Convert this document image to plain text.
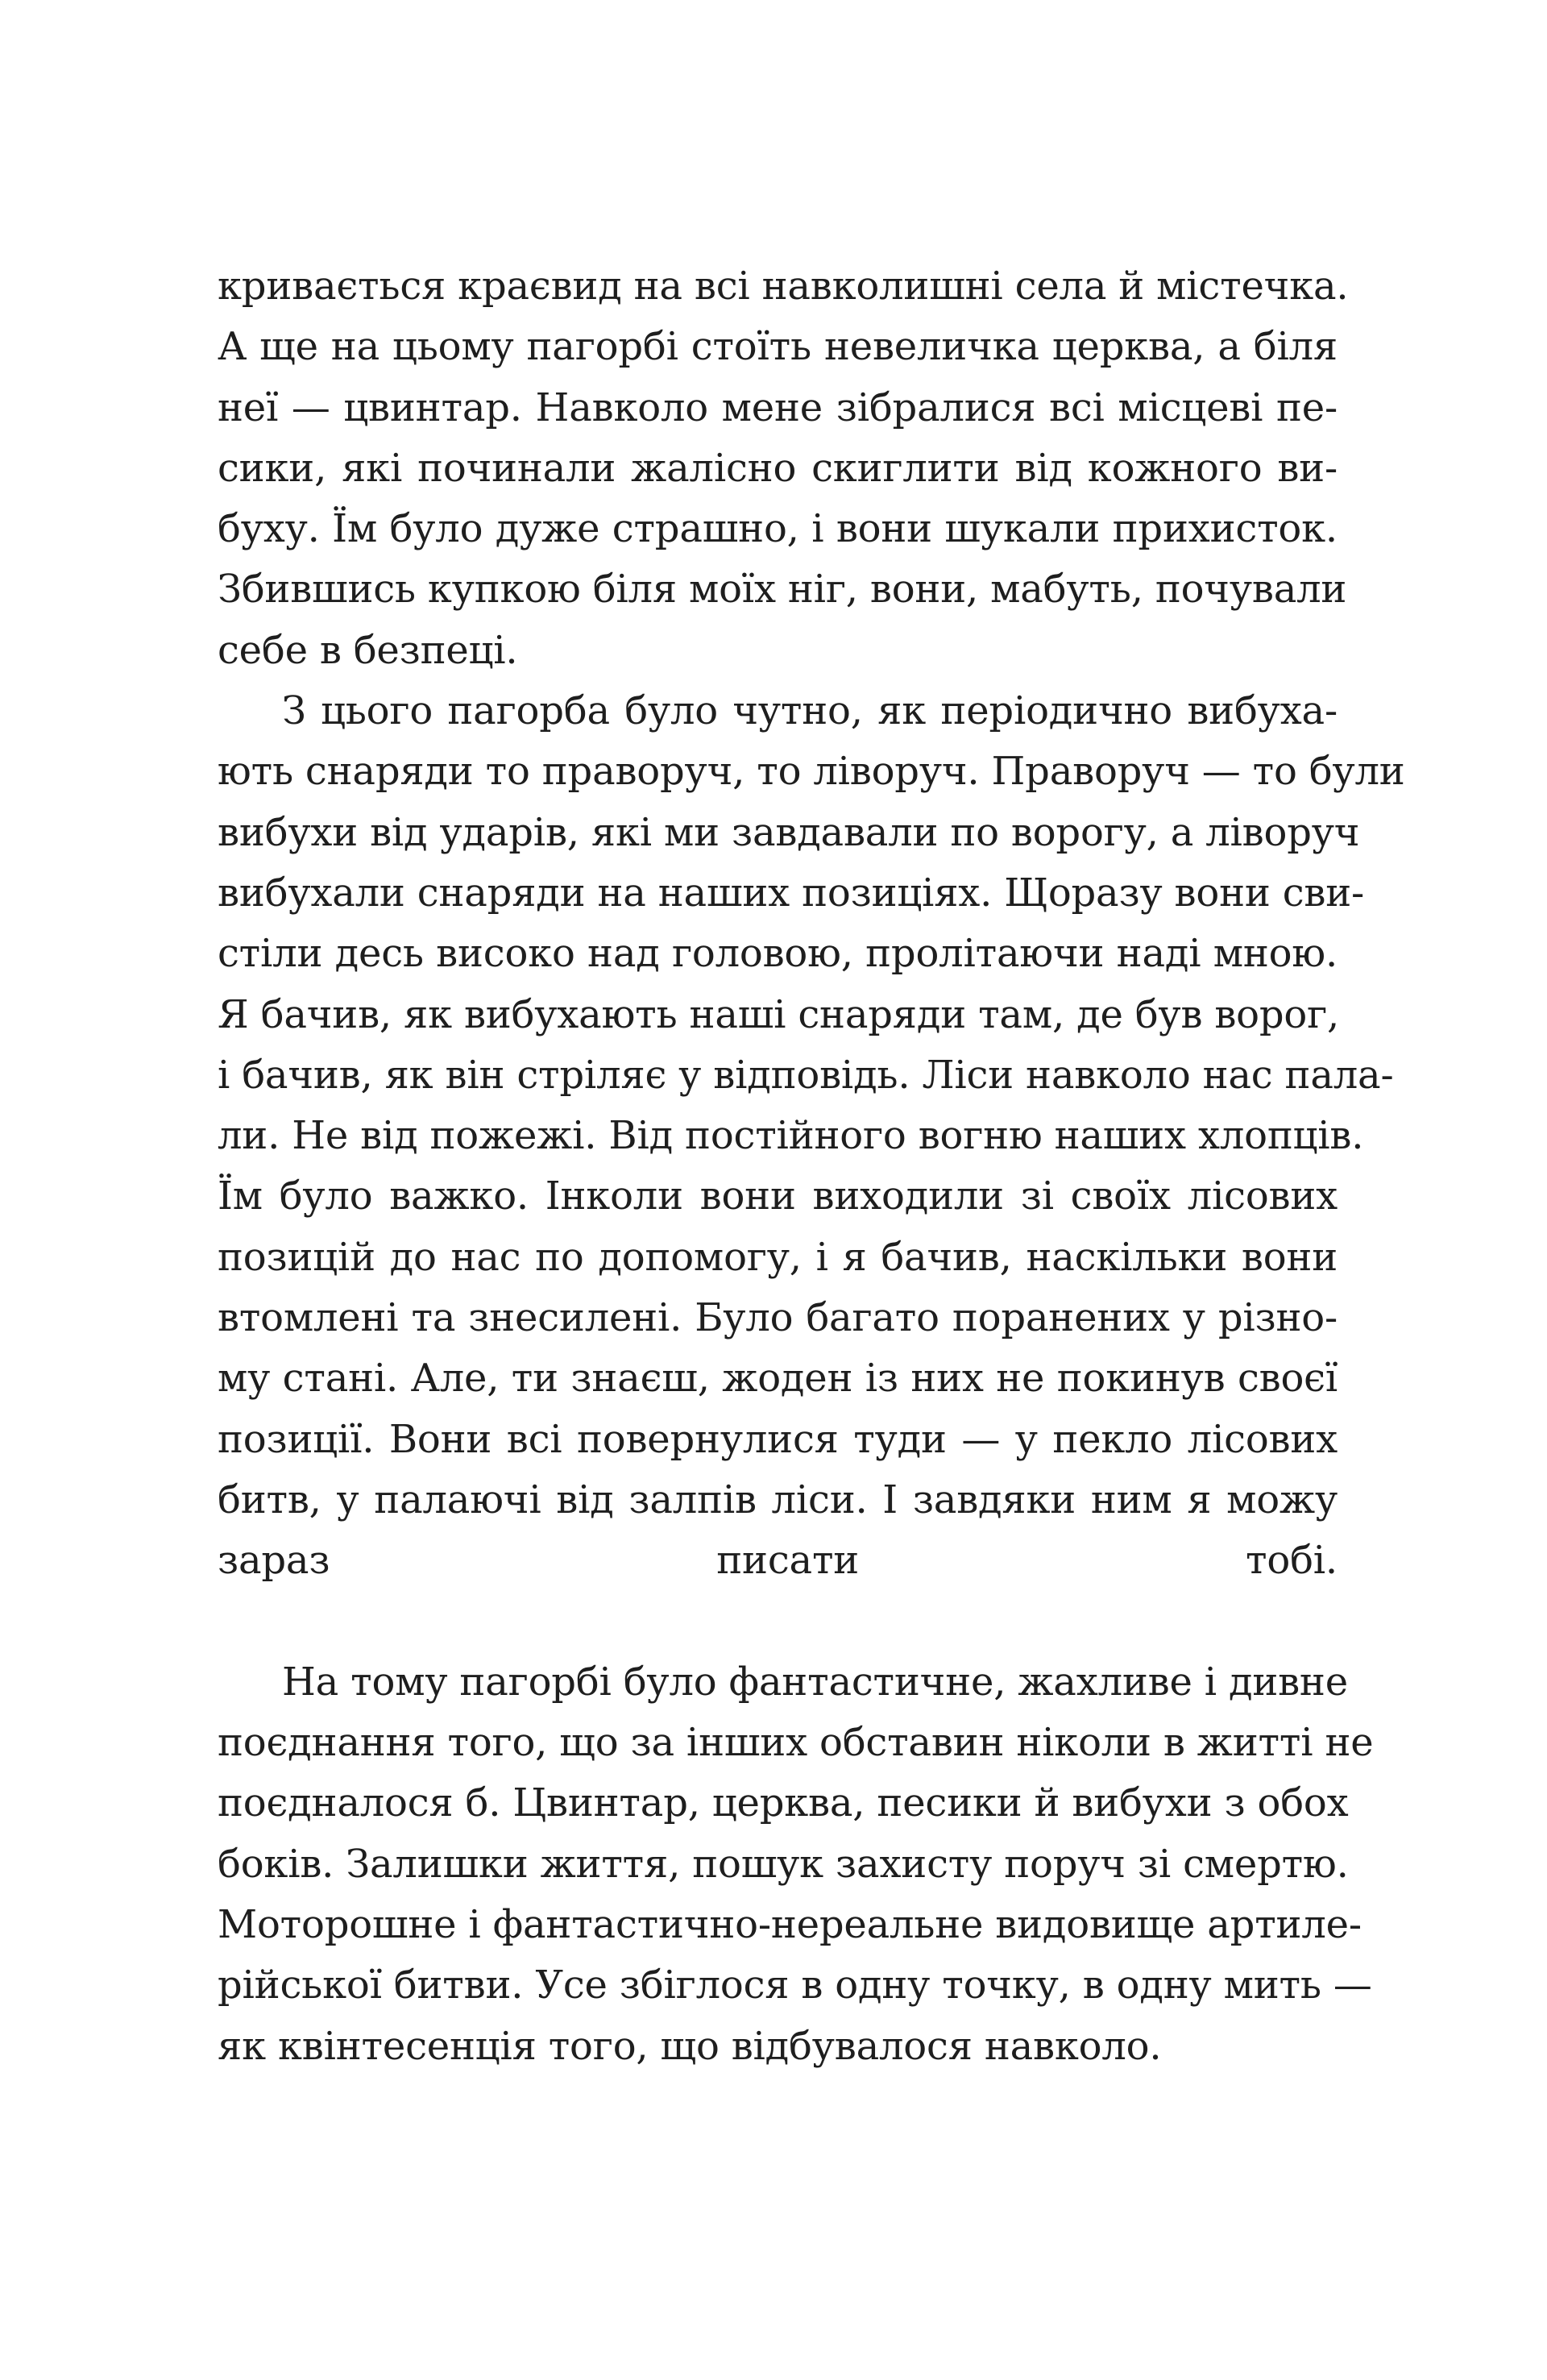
кривається краєвид на всі навколишні села й містечка.
А ще на цьому пагорбі стоїть невеличка церква, а біля
неї — цвинтар. Навколо мене зібралися всі місцеві пе-
сики, які починали жалісно скиглити від кожного ви-
буху. Їм було дуже страшно, і вони шукали прихисток.
Збившись купкою біля моїх ніг, вони, мабуть, почували
себе в безпеці.
З цього пагорба було чутно, як періодично вибуха-
ють снаряди то праворуч, то ліворуч. Праворуч — то були
вибухи від ударів, які ми завдавали по ворогу, а ліворуч
вибухали снаряди на наших позиціях. Щоразу вони сви-
стіли десь високо над головою, пролітаючи наді мною.
Я бачив, як вибухають наші снаряди там, де був ворог,
і бачив, як він стріляє у відповідь. Ліси навколо нас пала-
ли. Не від пожежі. Від постійного вогню наших хлопців.
Їм було важко. Інколи вони виходили зі своїх лісових
позицій до нас по допомогу, і я бачив, наскільки вони
втомлені та знесилені. Було багато поранених у різно-
му стані. Але, ти знаєш, жоден із них не покинув своєї
позиції. Вони всі повернулися туди — у пекло лісових
битв, у палаючі від залпів ліси. І завдяки ним я можу
зараз писати тобі.
На тому пагорбі було фантастичне, жахливе і дивне
поєднання того, що за інших обставин ніколи в житті не
поєдналося б. Цвинтар, церква, песики й вибухи з обох
боків. Залишки життя, пошук захисту поруч зі смертю.
Моторошне і фантастично-нереальне видовище артиле-
рійської битви. Усе збіглося в одну точку, в одну мить —
як квінтесенція того, що відбувалося навколо.
